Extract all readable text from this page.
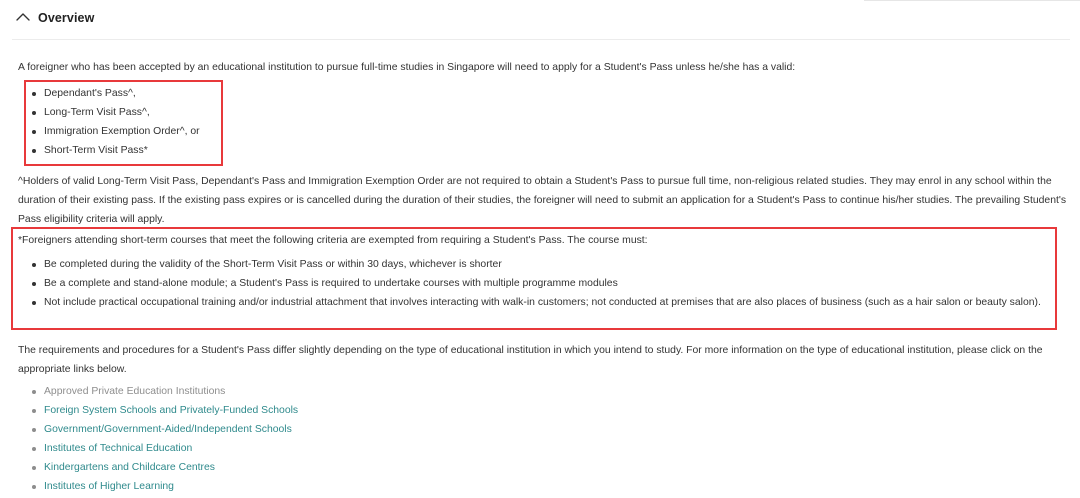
Overview

A foreigner who has been accepted by an educational institution to pursue full-time studies in Singapore will need to apply for a Student's Pass unless he/she has a valid:

Dependant's Pass^,
Long-Term Visit Pass^,
Immigration Exemption Order^, or
Short-Term Visit Pass*

^Holders of valid Long-Term Visit Pass, Dependant's Pass and Immigration Exemption Order are not required to obtain a Student's Pass to pursue full time, non-religious related studies. They may enrol in any school within the duration of their existing pass. If the existing pass expires or is cancelled during the duration of their studies, the foreigner will need to submit an application for a Student's Pass to continue his/her studies. The prevailing Student's Pass eligibility criteria will apply.

*Foreigners attending short-term courses that meet the following criteria are exempted from requiring a Student's Pass. The course must:

Be completed during the validity of the Short-Term Visit Pass or within 30 days, whichever is shorter
Be a complete and stand-alone module; a Student's Pass is required to undertake courses with multiple programme modules
Not include practical occupational training and/or industrial attachment that involves interacting with walk-in customers; not conducted at premises that are also places of business (such as a hair salon or beauty salon).

The requirements and procedures for a Student's Pass differ slightly depending on the type of educational institution in which you intend to study. For more information on the type of educational institution, please click on the appropriate links below.

Approved Private Education Institutions
Foreign System Schools and Privately-Funded Schools
Government/Government-Aided/Independent Schools
Institutes of Technical Education
Kindergartens and Childcare Centres
Institutes of Higher Learning
